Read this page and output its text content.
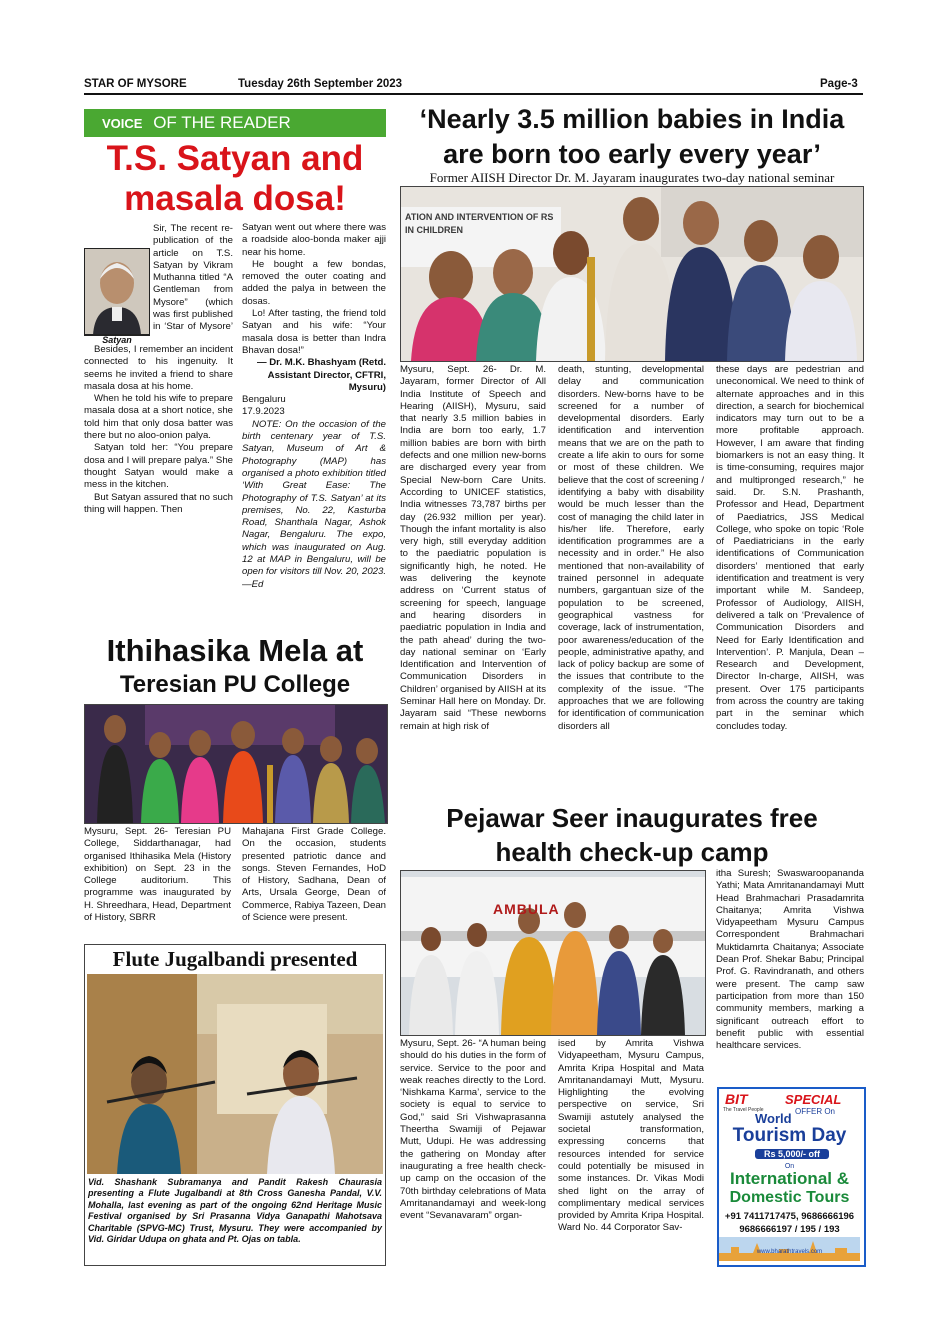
STAR OF MYSORE	Tuesday 26th September 2023	Page-3
VOICE OF THE READER
T.S. Satyan and masala dosa!
Satyan
Sir, The recent re-publication of the article on T.S. Satyan by Vikram Muthanna titled “A Gentleman from Mysore” (which was first published in ‘Star of Mysore’

Besides, I remember an incident connected to his ingenuity. It seems he invited a friend to share masala dosa at his home.

When he told his wife to prepare masala dosa at a short notice, she told him that only dosa batter was there but no aloo-onion palya.

Satyan told her: “You prepare dosa and I will prepare palya.” She thought Satyan would make a mess in the kitchen.

But Satyan assured that no such thing will happen. Then

Satyan went out where there was a roadside aloo-bonda maker ajji near his home.

He bought a few bondas, removed the outer coating and added the palya in between the dosas.

Lo! After tasting, the friend told Satyan and his wife: “Your masala dosa is better than Indra Bhavan dosa!”

— Dr. M.K. Bhashyam (Retd. Assistant Director, CFTRI, Mysuru)
Bengaluru
17.9.2023

NOTE: On the occasion of the birth centenary year of T.S. Satyan, Museum of Art & Photography (MAP) has organised a photo exhibition titled ‘With Great Ease: The Photography of T.S. Satyan’ at its premises, No. 22, Kasturba Road, Shanthala Nagar, Ashok Nagar, Bengaluru. The expo, which was inaugurated on Aug. 12 at MAP in Bengaluru, will be open for visitors till Nov. 20, 2023.—Ed

‘Nearly 3.5 million babies in India are born too early every year’
Former AIISH Director Dr. M. Jayaram inaugurates two-day national seminar
ATION AND INTERVENTION OF RS IN CHILDREN
Mysuru, Sept. 26- Dr. M. Jayaram, former Director of All India Institute of Speech and Hearing (AIISH), Mysuru, said that nearly 3.5 million babies in India are born too early, 1.7 million babies are born with birth defects and one million new-borns are discharged every year from Special New-born Care Units. According to UNICEF statistics, India witnesses 73,787 births per day (26.932 million per year). Though the infant mortality is also very high, still everyday addition to the paediatric population is significantly high, he noted. He was delivering the keynote address on ‘Current status of screening for speech, language and hearing disorders in paediatric population in India and the path ahead’ during the two-day national seminar on ‘Early Identification and Intervention of Communication Disorders in Children’ organised by AIISH at its Seminar Hall here on Monday. Dr. Jayaram said “These newborns remain at high risk of
death, stunting, developmental delay and communication disorders. New-borns have to be screened for a number of developmental disorders. Early identification and intervention means that we are on the path to create a life akin to ours for some or most of these children. We believe that the cost of screening / identifying a baby with disability would be much lesser than the cost of managing the child later in his/her life. Therefore, early identification programmes are a necessity and in order.” He also mentioned that non-availability of trained personnel in adequate numbers, gargantuan size of the population to be screened, geographical vastness for coverage, lack of instrumentation, poor awareness/education of the people, administrative apathy, and lack of policy backup are some of the issues that contribute to the complexity of the issue. “The approaches that we are following for identification of communication disorders all
these days are pedestrian and uneconomical. We need to think of alternate approaches and in this direction, a search for biochemical indicators may turn out to be a more profitable approach. However, I am aware that finding biomarkers is not an easy thing. It is time-consuming, requires major and multipronged research,” he said. Dr. S.N. Prashanth, Professor and Head, Department of Paediatrics, JSS Medical College, who spoke on topic ‘Role of Paediatricians in the early identifications of Communication disorders’ mentioned that early identification and treatment is very important while M. Sandeep, Professor of Audiology, AIISH, delivered a talk on ‘Prevalence of Communication Disorders and Need for Early Identification and Intervention’. P. Manjula, Dean – Research and Development, Director In-charge, AIISH, was present. Over 175 participants from across the country are taking part in the seminar which concludes today.
Ithihasika Mela at
Teresian PU College
Mysuru, Sept. 26- Teresian PU College, Siddarthanagar, had organised Ithihasika Mela (History exhibition) on Sept. 23 in the College auditorium. This programme was inaugurated by H. Shreedhara, Head, Department of History, SBRR
Mahajana First Grade College. On the occasion, students presented patriotic dance and songs. Steven Fernandes, HoD of History, Sadhana, Dean of Arts, Ursala George, Dean of Commerce, Rabiya Tazeen, Dean of Science were present.
Flute Jugalbandi presented
Vid. Shashank Subramanya and Pandit Rakesh Chaurasia presenting a Flute Jugalbandi at 8th Cross Ganesha Pandal, V.V. Mohalla, last evening as part of the ongoing 62nd Heritage Music Festival organised by Sri Prasanna Vidya Ganapathi Mahotsava Charitable (SPVG-MC) Trust, Mysuru. They were accompanied by Vid. Giridar Udupa on ghata and Pt. Ojas on tabla.
Pejawar Seer inaugurates free
health check-up camp
AMBULA
Mysuru, Sept. 26- “A human being should do his duties in the form of service. Service to the poor and weak reaches directly to the Lord. ‘Nishkama Karma’, service to the society is equal to service to God,” said Sri Vishwaprasanna Theertha Swamiji of Pejawar Mutt, Udupi. He was addressing the gathering on Monday after inaugurating a free health check-up camp on the occasion of the 70th birthday celebrations of Mata Amritanandamayi and week-long event “Sevanavaram” organ-
ised by Amrita Vishwa Vidyapeetham, Mysuru Campus, Amrita Kripa Hospital and Mata Amritanandamayi Mutt, Mysuru. Highlighting the evolving perspective on service, Sri Swamiji astutely analysed the societal transformation, expressing concerns that resources intended for service could potentially be misused in some instances. Dr. Vikas Modi shed light on the array of complimentary medical services provided by Amrita Kripa Hospital. Ward No. 44 Corporator Sav-
itha Suresh; Swaswaroopananda Yathi; Mata Amritanandamayi Mutt Head Brahmachari Prasadamrita Chaitanya; Amrita Vishwa Vidyapeetham Mysuru Campus Correspondent Brahmachari Muktidamrta Chaitanya; Associate Dean Prof. Shekar Babu; Principal Prof. G. Ravindranath, and others were present. The camp saw participation from more than 150 community members, marking a significant outreach effort to benefit public with essential healthcare services.
BIT
The Travel People
SPECIAL
OFFER On
World
Tourism Day
Rs 5,000/- off
On
International &
Domestic Tours
+91 7411717475, 9686666196
9686666197 / 195 / 193
www.bharathtravels.com
